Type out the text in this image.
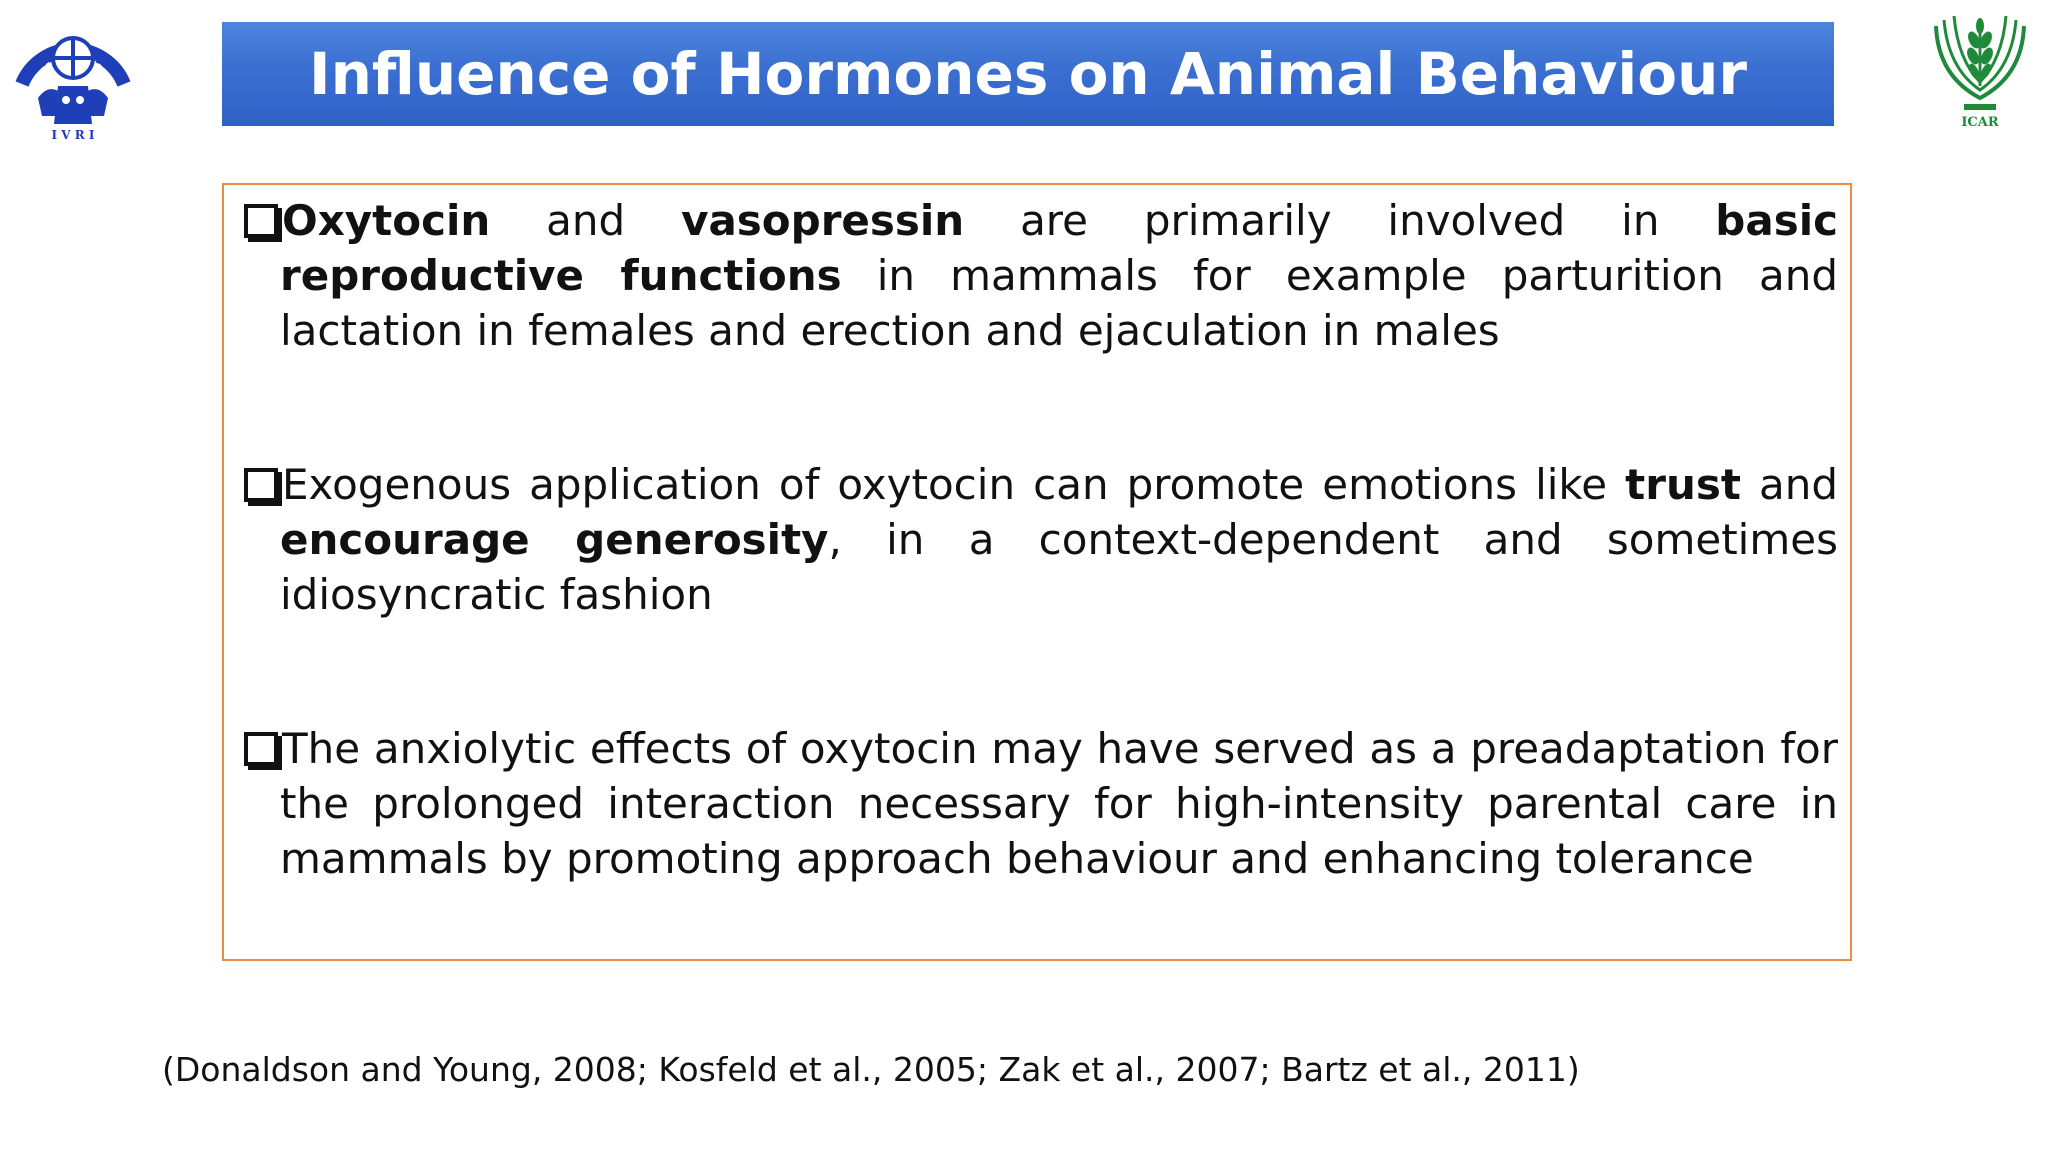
I V R I
Influence of Hormones on Animal Behaviour
ICAR
Oxytocin and vasopressin are primarily involved in basic reproductive functions in mammals for example parturition and lactation in females and erection and ejaculation in males
Exogenous application of oxytocin can promote emotions like trust and encourage generosity, in a context-dependent and sometimes idiosyncratic fashion
The anxiolytic effects of oxytocin may have served as a preadaptation for the prolonged interaction necessary for high-intensity parental care in mammals by promoting approach behaviour and enhancing tolerance
(Donaldson and Young, 2008; Kosfeld et al., 2005; Zak et al., 2007; Bartz et al., 2011)
